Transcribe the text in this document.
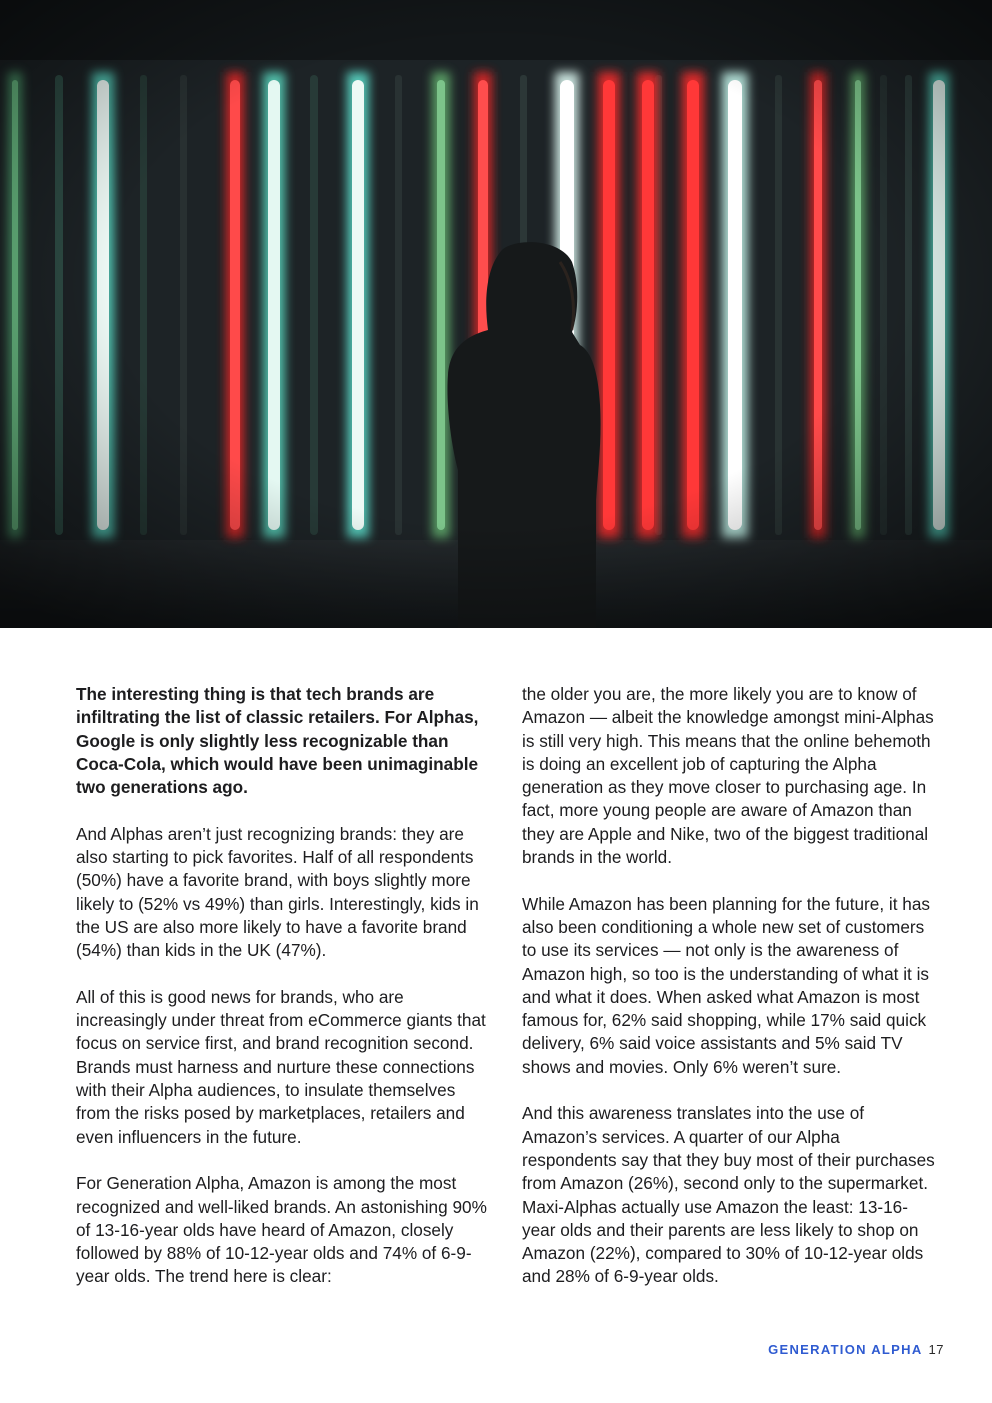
The interesting thing is that tech brands are infiltrating the list of classic retailers. For Alphas, Google is only slightly less recognizable than Coca-Cola, which would have been unimaginable two generations ago.

And Alphas aren’t just recognizing brands: they are also starting to pick favorites. Half of all respondents (50%) have a favorite brand, with boys slightly more likely to (52% vs 49%) than girls. Interestingly, kids in the US are also more likely to have a favorite brand (54%) than kids in the UK (47%).

All of this is good news for brands, who are increasingly under threat from eCommerce giants that focus on service first, and brand recognition second. Brands must harness and nurture these connections with their Alpha audiences, to insulate themselves from the risks posed by marketplaces, retailers and even influencers in the future.

For Generation Alpha, Amazon is among the most recognized and well-liked brands. An astonishing 90% of 13-16-year olds have heard of Amazon, closely followed by 88% of 10-12-year olds and 74% of 6-9-year olds. The trend here is clear:

the older you are, the more likely you are to know of Amazon — albeit the knowledge amongst mini-Alphas is still very high. This means that the online behemoth is doing an excellent job of capturing the Alpha generation as they move closer to purchasing age. In fact, more young people are aware of Amazon than they are Apple and Nike, two of the biggest traditional brands in the world.

While Amazon has been planning for the future, it has also been conditioning a whole new set of customers to use its services — not only is the awareness of Amazon high, so too is the understanding of what it is and what it does. When asked what Amazon is most famous for, 62% said shopping, while 17% said quick delivery, 6% said voice assistants and 5% said TV shows and movies. Only 6% weren’t sure.

And this awareness translates into the use of Amazon’s services. A quarter of our Alpha respondents say that they buy most of their purchases from Amazon (26%), second only to the supermarket. Maxi-Alphas actually use Amazon the least: 13-16-year olds and their parents are less likely to shop on Amazon (22%), compared to 30% of 10-12-year olds and 28% of 6-9-year olds.

GENERATION ALPHA 17
